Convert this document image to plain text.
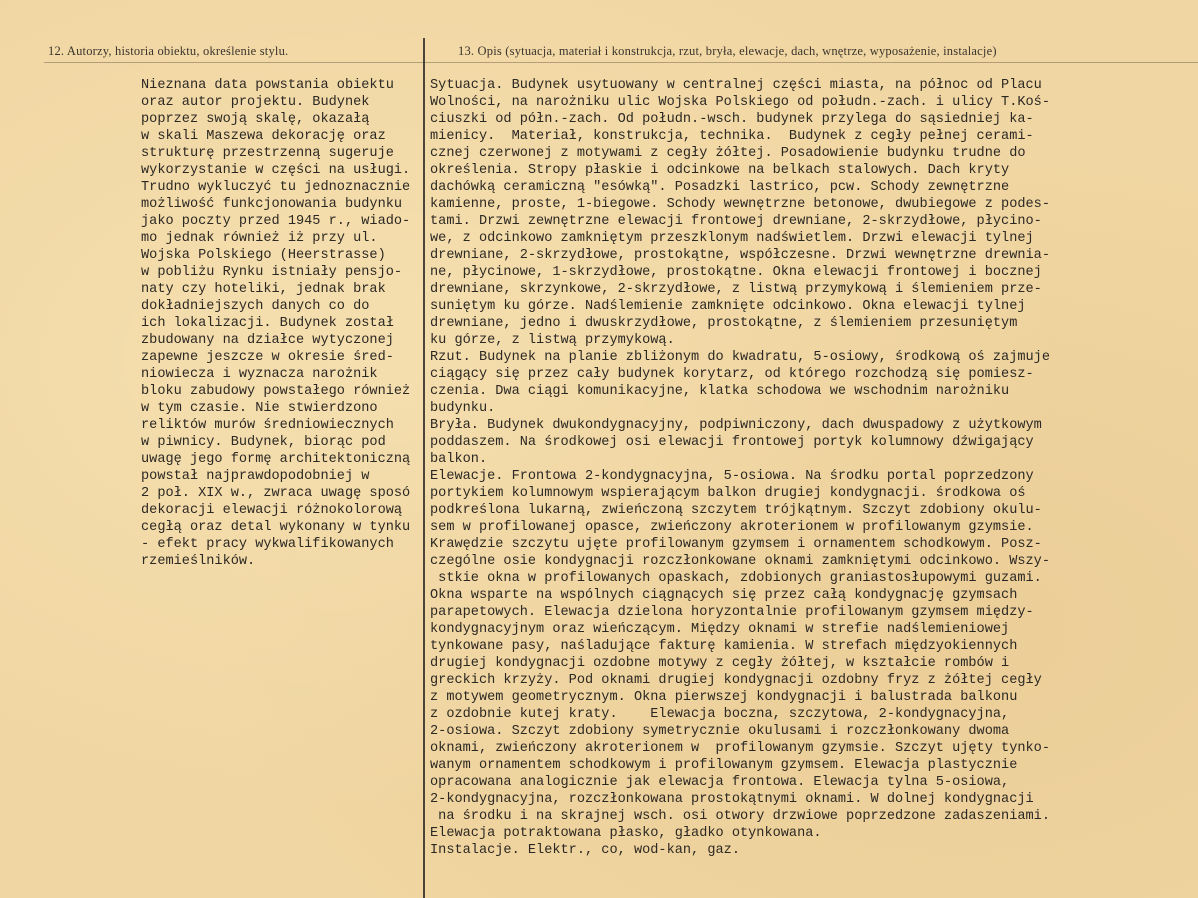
12. Autorzy, historia obiektu, określenie stylu.	13. Opis (sytuacja, materiał i konstrukcja, rzut, bryła, elewacje, dach, wnętrze, wyposażenie, instalacje)
Nieznana data powstania obiektu
oraz autor projektu. Budynek
poprzez swoją skalę, okazałą
w skali Maszewa dekorację oraz
strukturę przestrzenną sugeruje
wykorzystanie w części na usługi.
Trudno wykluczyć tu jednoznacznie
możliwość funkcjonowania budynku
jako poczty przed 1945 r., wiado-
mo jednak również iż przy ul.
Wojska Polskiego (Heerstrasse)
w pobliżu Rynku istniały pensjo-
naty czy hoteliki, jednak brak
dokładniejszych danych co do
ich lokalizacji. Budynek został
zbudowany na działce wytyczonej
zapewne jeszcze w okresie śred-
niowiecza i wyznacza narożnik
bloku zabudowy powstałego również
w tym czasie. Nie stwierdzono
reliktów murów średniowiecznych
w piwnicy. Budynek, biorąc pod
uwagę jego formę architektoniczną
powstał najprawdopodobniej w
2 poł. XIX w., zwraca uwagę sposó
dekoracji elewacji różnokolorową
cegłą oraz detal wykonany w tynku
- efekt pracy wykwalifikowanych
rzemieślników.
Sytuacja. Budynek usytuowany w centralnej części miasta, na północ od Placu
Wolności, na narożniku ulic Wojska Polskiego od połudn.-zach. i ulicy T.Koś-
ciuszki od półn.-zach. Od połudn.-wsch. budynek przylega do sąsiedniej ka-
mienicy.  Materiał, konstrukcja, technika.  Budynek z cegły pełnej cerami-
cznej czerwonej z motywami z cegły żółtej. Posadowienie budynku trudne do
określenia. Stropy płaskie i odcinkowe na belkach stalowych. Dach kryty
dachówką ceramiczną "esówką". Posadzki lastrico, pcw. Schody zewnętrzne
kamienne, proste, 1-biegowe. Schody wewnętrzne betonowe, dwubiegowe z podes-
tami. Drzwi zewnętrzne elewacji frontowej drewniane, 2-skrzydłowe, płycino-
we, z odcinkowo zamkniętym przeszklonym nadświetlem. Drzwi elewacji tylnej
drewniane, 2-skrzydłowe, prostokątne, współczesne. Drzwi wewnętrzne drewnia-
ne, płycinowe, 1-skrzydłowe, prostokątne. Okna elewacji frontowej i bocznej
drewniane, skrzynkowe, 2-skrzydłowe, z listwą przymykową i ślemieniem prze-
suniętym ku górze. Nadślemienie zamknięte odcinkowo. Okna elewacji tylnej
drewniane, jedno i dwuskrzydłowe, prostokątne, z ślemieniem przesuniętym
ku górze, z listwą przymykową.
Rzut. Budynek na planie zbliżonym do kwadratu, 5-osiowy, środkową oś zajmuje
ciągący się przez cały budynek korytarz, od którego rozchodzą się pomiesz-
czenia. Dwa ciągi komunikacyjne, klatka schodowa we wschodnim narożniku
budynku.
Bryła. Budynek dwukondygnacyjny, podpiwniczony, dach dwuspadowy z użytkowym
poddaszem. Na środkowej osi elewacji frontowej portyk kolumnowy dźwigający
balkon.
Elewacje. Frontowa 2-kondygnacyjna, 5-osiowa. Na środku portal poprzedzony
portykiem kolumnowym wspierającym balkon drugiej kondygnacji. środkowa oś
podkreślona lukarną, zwieńczoną szczytem trójkątnym. Szczyt zdobiony okulu-
sem w profilowanej opasce, zwieńczony akroterionem w profilowanym gzymsie.
Krawędzie szczytu ujęte profilowanym gzymsem i ornamentem schodkowym. Posz-
czególne osie kondygnacji rozczłonkowane oknami zamkniętymi odcinkowo. Wszy-
stkie okna w profilowanych opaskach, zdobionych graniastosłupowymi guzami.
Okna wsparte na wspólnych ciągnących się przez całą kondygnację gzymsach
parapetowych. Elewacja dzielona horyzontalnie profilowanym gzymsem między-
kondygnacyjnym oraz wieńczącym. Między oknami w strefie nadślemieniowej
tynkowane pasy, naśladujące fakturę kamienia. W strefach międzyokiennych
drugiej kondygnacji ozdobne motywy z cegły żółtej, w kształcie rombów i
greckich krzyży. Pod oknami drugiej kondygnacji ozdobny fryz z żółtej cegły
z motywem geometrycznym. Okna pierwszej kondygnacji i balustrada balkonu
z ozdobnie kutej kraty.    Elewacja boczna, szczytowa, 2-kondygnacyjna,
2-osiowa. Szczyt zdobiony symetrycznie okulusami i rozczłonkowany dwoma
oknami, zwieńczony akroterionem w  profilowanym gzymsie. Szczyt ujęty tynko-
wanym ornamentem schodkowym i profilowanym gzymsem. Elewacja plastycznie
opracowana analogicznie jak elewacja frontowa. Elewacja tylna 5-osiowa,
2-kondygnacyjna, rozczłonkowana prostokątnymi oknami. W dolnej kondygnacji
na środku i na skrajnej wsch. osi otwory drzwiowe poprzedzone zadaszeniami.
Elewacja potraktowana płasko, gładko otynkowana.
Instalacje. Elektr., co, wod-kan, gaz.
